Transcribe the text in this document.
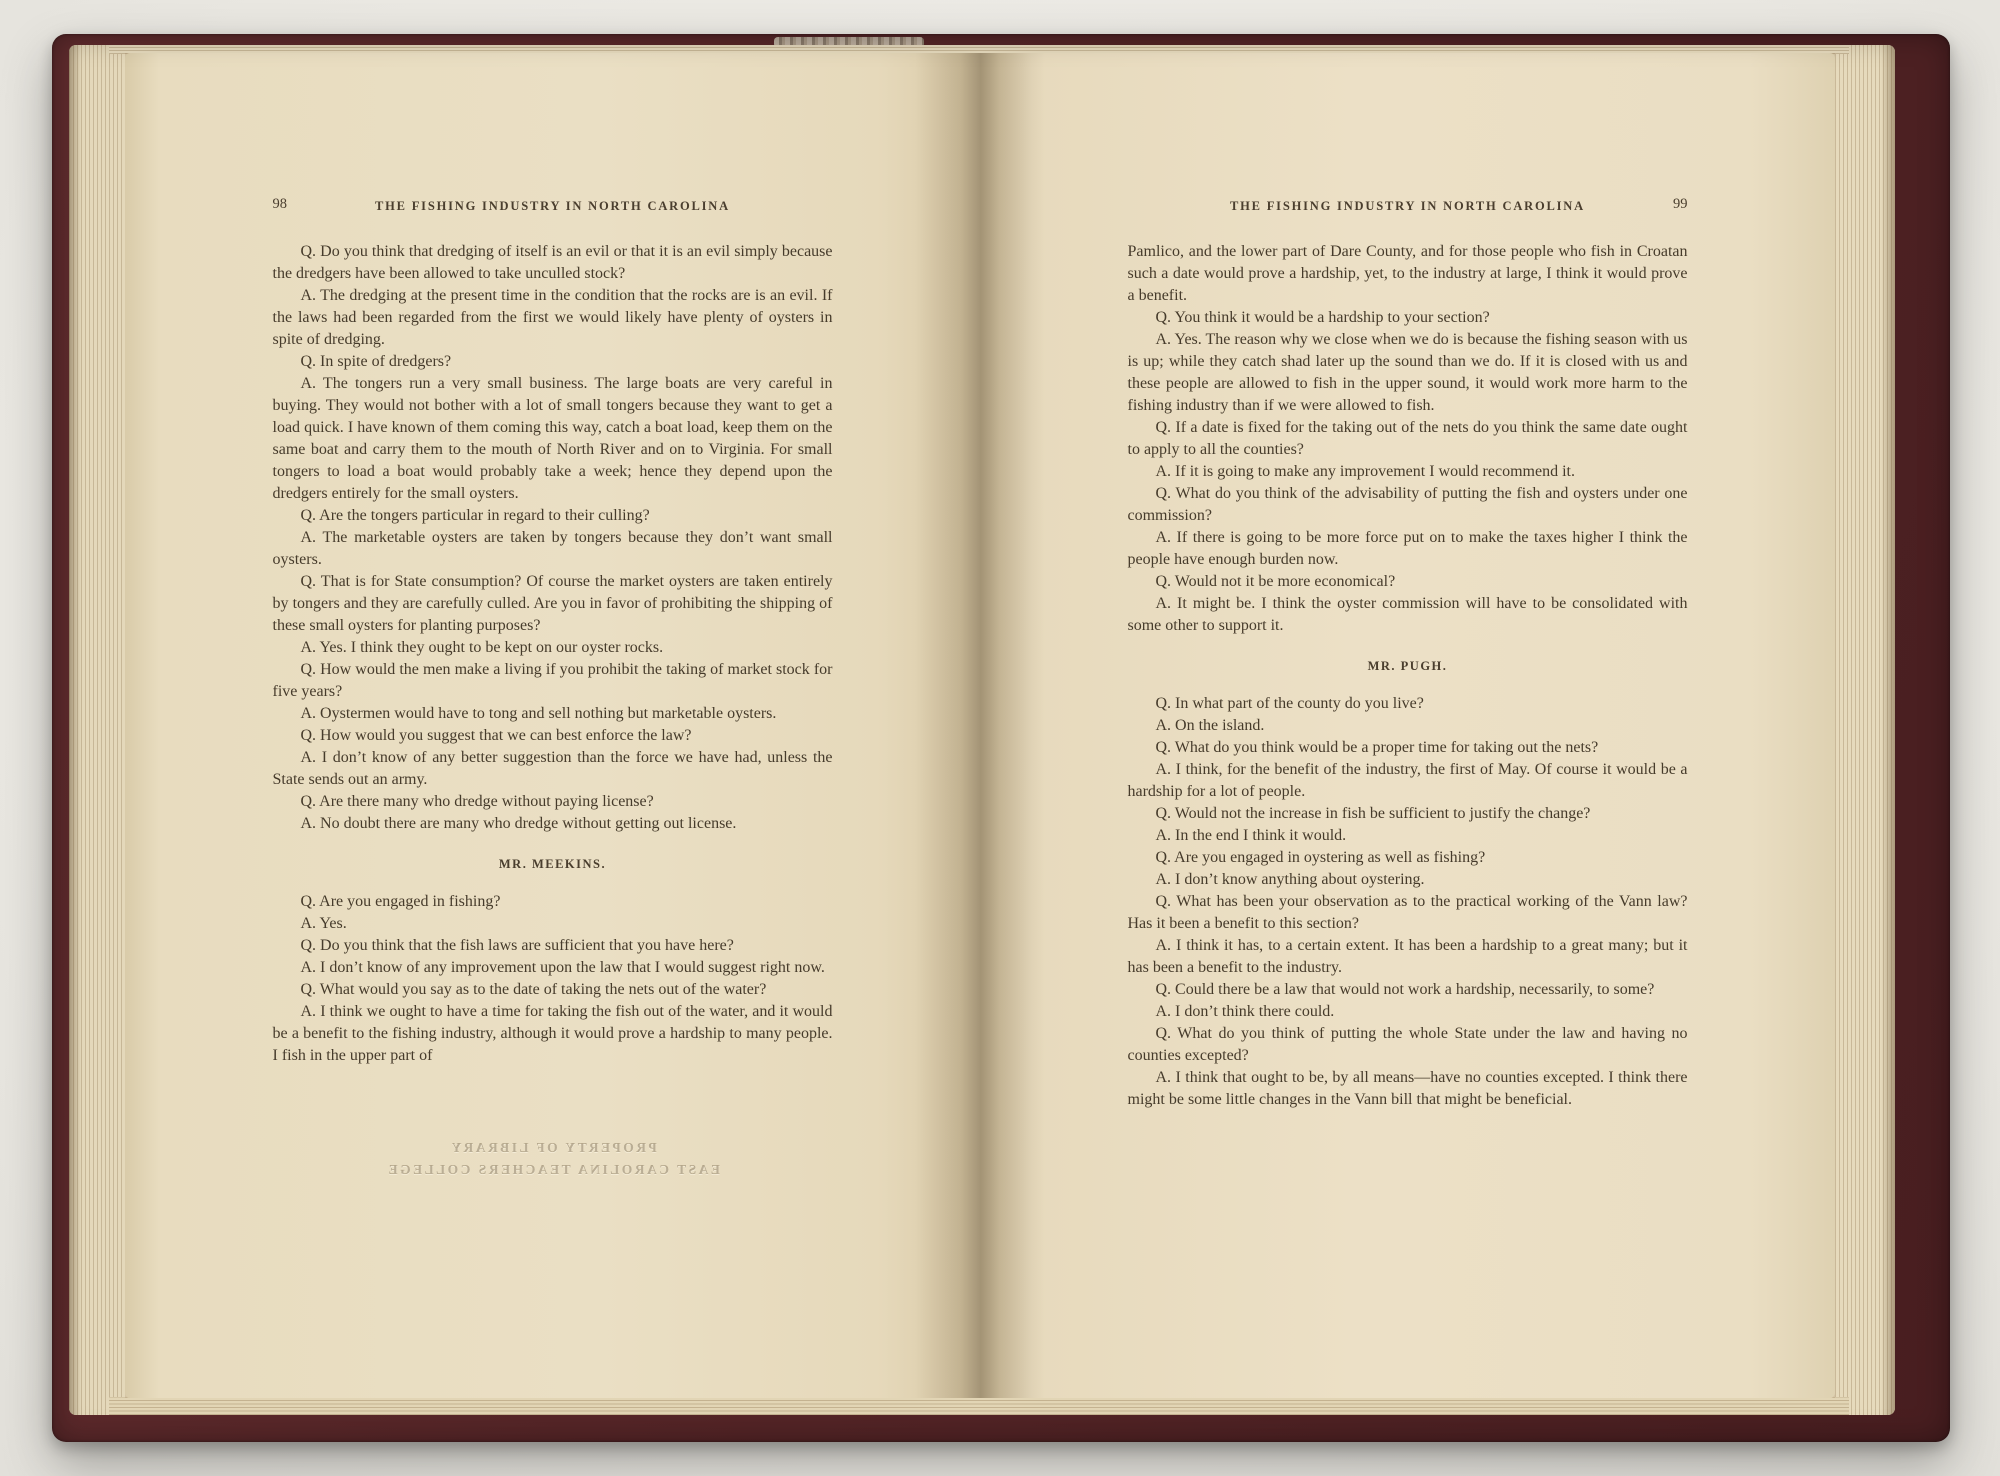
98	THE FISHING INDUSTRY IN NORTH CAROLINA

Q. Do you think that dredging of itself is an evil or that it is an evil simply because the dredgers have been allowed to take unculled stock?

A. The dredging at the present time in the condition that the rocks are is an evil. If the laws had been regarded from the first we would likely have plenty of oysters in spite of dredging.

Q. In spite of dredgers?

A. The tongers run a very small business. The large boats are very careful in buying. They would not bother with a lot of small tongers because they want to get a load quick. I have known of them coming this way, catch a boat load, keep them on the same boat and carry them to the mouth of North River and on to Virginia. For small tongers to load a boat would probably take a week; hence they depend upon the dredgers entirely for the small oysters.

Q. Are the tongers particular in regard to their culling?

A. The marketable oysters are taken by tongers because they don’t want small oysters.

Q. That is for State consumption? Of course the market oysters are taken entirely by tongers and they are carefully culled. Are you in favor of prohibiting the shipping of these small oysters for planting purposes?

A. Yes. I think they ought to be kept on our oyster rocks.

Q. How would the men make a living if you prohibit the taking of market stock for five years?

A. Oystermen would have to tong and sell nothing but marketable oysters.

Q. How would you suggest that we can best enforce the law?

A. I don’t know of any better suggestion than the force we have had, unless the State sends out an army.

Q. Are there many who dredge without paying license?

A. No doubt there are many who dredge without getting out license.

MR. MEEKINS.

Q. Are you engaged in fishing?

A. Yes.

Q. Do you think that the fish laws are sufficient that you have here?

A. I don’t know of any improvement upon the law that I would suggest right now.

Q. What would you say as to the date of taking the nets out of the water?

A. I think we ought to have a time for taking the fish out of the water, and it would be a benefit to the fishing industry, although it would prove a hardship to many people. I fish in the upper part of

PROPERTY OF LIBRARY
EAST CAROLINA TEACHERS COLLEGE
THE FISHING INDUSTRY IN NORTH CAROLINA	99

Pamlico, and the lower part of Dare County, and for those people who fish in Croatan such a date would prove a hardship, yet, to the industry at large, I think it would prove a benefit.

Q. You think it would be a hardship to your section?

A. Yes. The reason why we close when we do is because the fishing season with us is up; while they catch shad later up the sound than we do. If it is closed with us and these people are allowed to fish in the upper sound, it would work more harm to the fishing industry than if we were allowed to fish.

Q. If a date is fixed for the taking out of the nets do you think the same date ought to apply to all the counties?

A. If it is going to make any improvement I would recommend it.

Q. What do you think of the advisability of putting the fish and oysters under one commission?

A. If there is going to be more force put on to make the taxes higher I think the people have enough burden now.

Q. Would not it be more economical?

A. It might be. I think the oyster commission will have to be consolidated with some other to support it.

MR. PUGH.

Q. In what part of the county do you live?

A. On the island.

Q. What do you think would be a proper time for taking out the nets?

A. I think, for the benefit of the industry, the first of May. Of course it would be a hardship for a lot of people.

Q. Would not the increase in fish be sufficient to justify the change?

A. In the end I think it would.

Q. Are you engaged in oystering as well as fishing?

A. I don’t know anything about oystering.

Q. What has been your observation as to the practical working of the Vann law? Has it been a benefit to this section?

A. I think it has, to a certain extent. It has been a hardship to a great many; but it has been a benefit to the industry.

Q. Could there be a law that would not work a hardship, necessarily, to some?

A. I don’t think there could.

Q. What do you think of putting the whole State under the law and having no counties excepted?

A. I think that ought to be, by all means—have no counties excepted. I think there might be some little changes in the Vann bill that might be beneficial.
